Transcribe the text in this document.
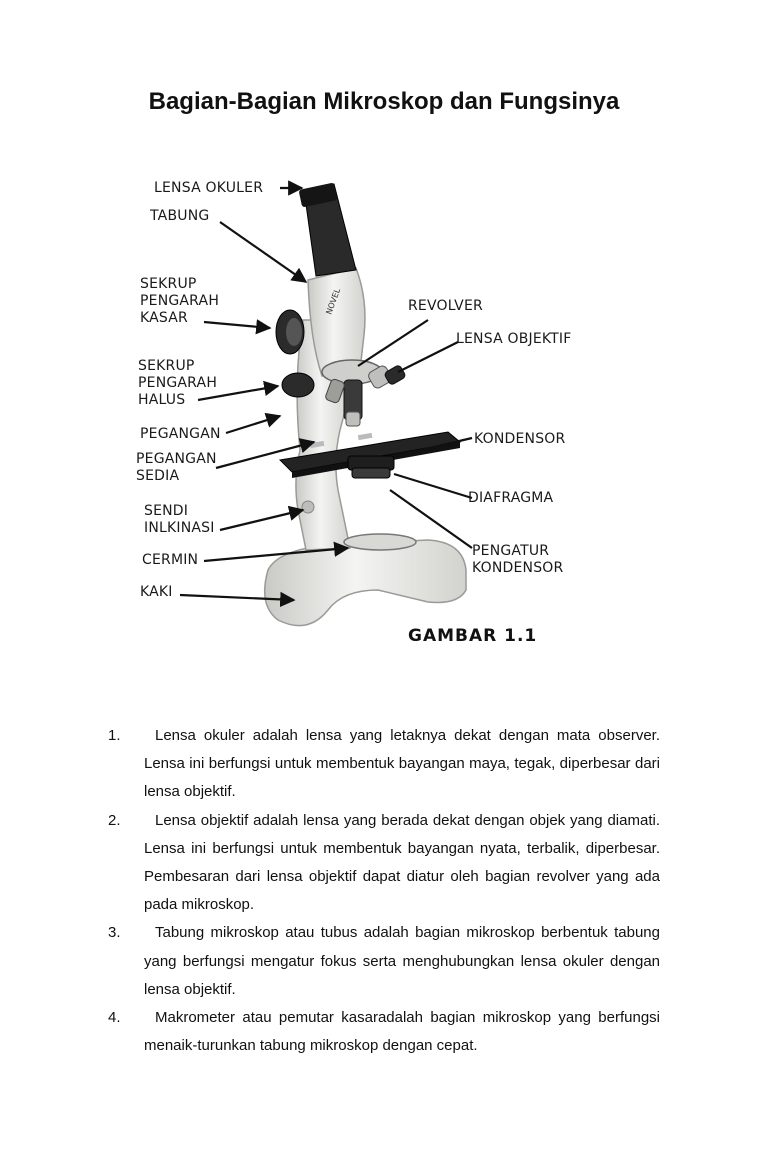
Bagian-Bagian Mikroskop dan Fungsinya
NOVEL
LENSA OKULER
TABUNG
SEKRUP
PENGARAH
KASAR
SEKRUP
PENGARAH
HALUS
PEGANGAN
PEGANGAN
SEDIA
SENDI
INLKINASI
CERMIN
KAKI
REVOLVER
LENSA OBJEKTIF
KONDENSOR
DIAFRAGMA
PENGATUR
KONDENSOR
GAMBAR 1.1
1.	Lensa okuler adalah lensa yang letaknya dekat dengan mata observer. Lensa ini berfungsi untuk membentuk bayangan maya, tegak, diperbesar dari lensa objektif.
2.	Lensa objektif adalah lensa yang berada dekat dengan objek yang diamati. Lensa ini berfungsi untuk membentuk bayangan nyata, terbalik, diperbesar. Pembesaran dari lensa objektif dapat diatur oleh bagian revolver yang ada pada mikroskop.
3.	Tabung mikroskop atau tubus adalah bagian mikroskop berbentuk tabung yang berfungsi mengatur fokus serta menghubungkan lensa okuler dengan lensa objektif.
4.	Makrometer atau pemutar kasaradalah bagian mikroskop yang berfungsi menaik-turunkan tabung mikroskop dengan cepat.
